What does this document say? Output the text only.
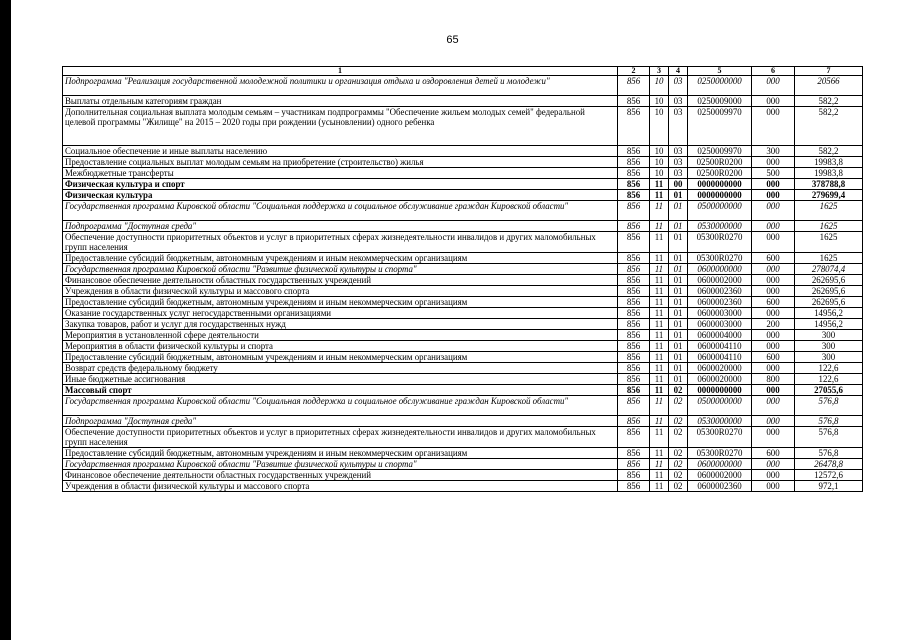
65
1	2	3	4	5	6	7
Подпрограмма "Реализация государственной молодежной политики и организация отдыха и оздоровления детей и молодежи"	856	10	03	0250000000	000	20566
Выплаты отдельным категориям граждан	856	10	03	0250009000	000	582,2
Дополнительная социальная выплата молодым семьям – участникам подпрограммы "Обеспечение жильем молодых семей" федеральной целевой программы "Жилище" на 2015 – 2020 годы при рождении (усыновлении) одного ребенка	856	10	03	0250009970	000	582,2
Социальное обеспечение и иные выплаты населению	856	10	03	0250009970	300	582,2
Предоставление социальных выплат молодым семьям на приобретение (строительство) жилья	856	10	03	02500R0200	000	19983,8
Межбюджетные трансферты	856	10	03	02500R0200	500	19983,8
Физическая культура и спорт	856	11	00	0000000000	000	378788,8
Физическая культура	856	11	01	0000000000	000	279699,4
Государственная программа Кировской области "Социальная поддержка и социальное обслуживание граждан Кировской области"	856	11	01	0500000000	000	1625
Подпрограмма "Доступная среда"	856	11	01	0530000000	000	1625
Обеспечение доступности приоритетных объектов и услуг в приоритетных сферах жизнедеятельности инвалидов и других маломобильных групп населения	856	11	01	05300R0270	000	1625
Предоставление субсидий бюджетным, автономным учреждениям и иным некоммерческим организациям	856	11	01	05300R0270	600	1625
Государственная программа Кировской области "Развитие физической культуры и спорта"	856	11	01	0600000000	000	278074,4
Финансовое обеспечение деятельности областных государственных учреждений	856	11	01	0600002000	000	262695,6
Учреждения в области физической культуры и массового спорта	856	11	01	0600002360	000	262695,6
Предоставление субсидий бюджетным, автономным учреждениям и иным некоммерческим организациям	856	11	01	0600002360	600	262695,6
Оказание государственных услуг негосударственными организациями	856	11	01	0600003000	000	14956,2
Закупка товаров, работ и услуг для государственных нужд	856	11	01	0600003000	200	14956,2
Мероприятия в установленной сфере деятельности	856	11	01	0600004000	000	300
Мероприятия в области физической культуры и спорта	856	11	01	0600004110	000	300
Предоставление субсидий бюджетным, автономным учреждениям и иным некоммерческим организациям	856	11	01	0600004110	600	300
Возврат средств федеральному бюджету	856	11	01	0600020000	000	122,6
Иные бюджетные ассигнования	856	11	01	0600020000	800	122,6
Массовый спорт	856	11	02	0000000000	000	27055,6
Государственная программа Кировской области "Социальная поддержка и социальное обслуживание граждан Кировской области"	856	11	02	0500000000	000	576,8
Подпрограмма "Доступная среда"	856	11	02	0530000000	000	576,8
Обеспечение доступности приоритетных объектов и услуг в приоритетных сферах жизнедеятельности инвалидов и других маломобильных групп населения	856	11	02	05300R0270	000	576,8
Предоставление субсидий бюджетным, автономным учреждениям и иным некоммерческим организациям	856	11	02	05300R0270	600	576,8
Государственная программа Кировской области "Развитие физической культуры и спорта"	856	11	02	0600000000	000	26478,8
Финансовое обеспечение деятельности областных государственных учреждений	856	11	02	0600002000	000	12572,6
Учреждения в области физической культуры и массового спорта	856	11	02	0600002360	000	972,1
